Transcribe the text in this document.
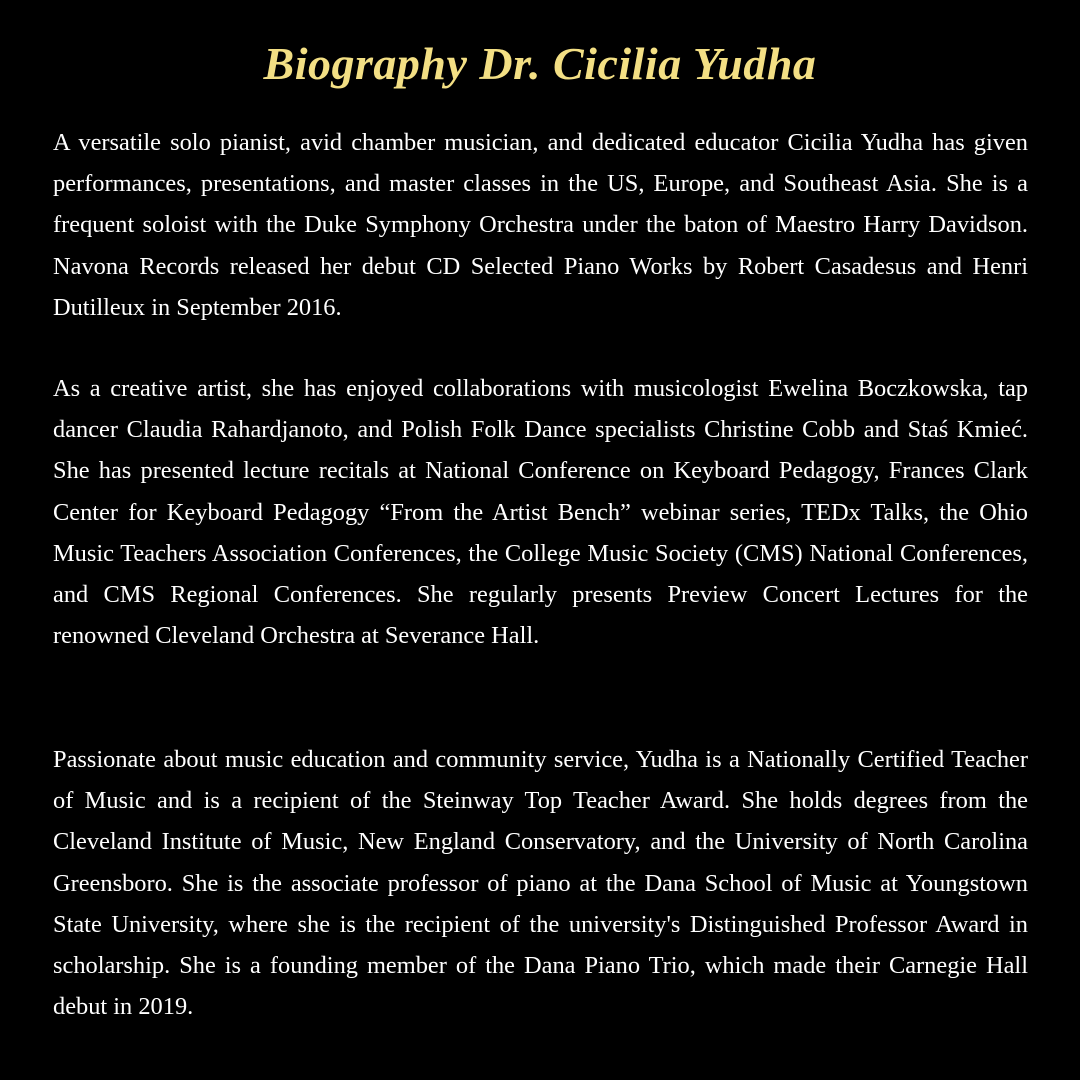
Biography Dr. Cicilia Yudha

A versatile solo pianist, avid chamber musician, and dedicated educator Cicilia Yudha has given performances, presentations, and master classes in the US, Europe, and Southeast Asia. She is a frequent soloist with the Duke Symphony Orchestra under the baton of Maestro Harry Davidson. Navona Records released her debut CD Selected Piano Works by Robert Casadesus and Henri Dutilleux in September 2016.

As a creative artist, she has enjoyed collaborations with musicologist Ewelina Boczkowska, tap dancer Claudia Rahardjanoto, and Polish Folk Dance specialists Christine Cobb and Staś Kmieć. She has presented lecture recitals at National Conference on Keyboard Pedagogy, Frances Clark Center for Keyboard Pedagogy “From the Artist Bench” webinar series, TEDx Talks, the Ohio Music Teachers Association Conferences, the College Music Society (CMS) National Conferences, and CMS Regional Conferences. She regularly presents Preview Concert Lectures for the renowned Cleveland Orchestra at Severance Hall.

Passionate about music education and community service, Yudha is a Nationally Certified Teacher of Music and is a recipient of the Steinway Top Teacher Award. She holds degrees from the Cleveland Institute of Music, New England Conservatory, and the University of North Carolina Greensboro. She is the associate professor of piano at the Dana School of Music at Youngstown State University, where she is the recipient of the university's Distinguished Professor Award in scholarship. She is a founding member of the Dana Piano Trio, which made their Carnegie Hall debut in 2019.
